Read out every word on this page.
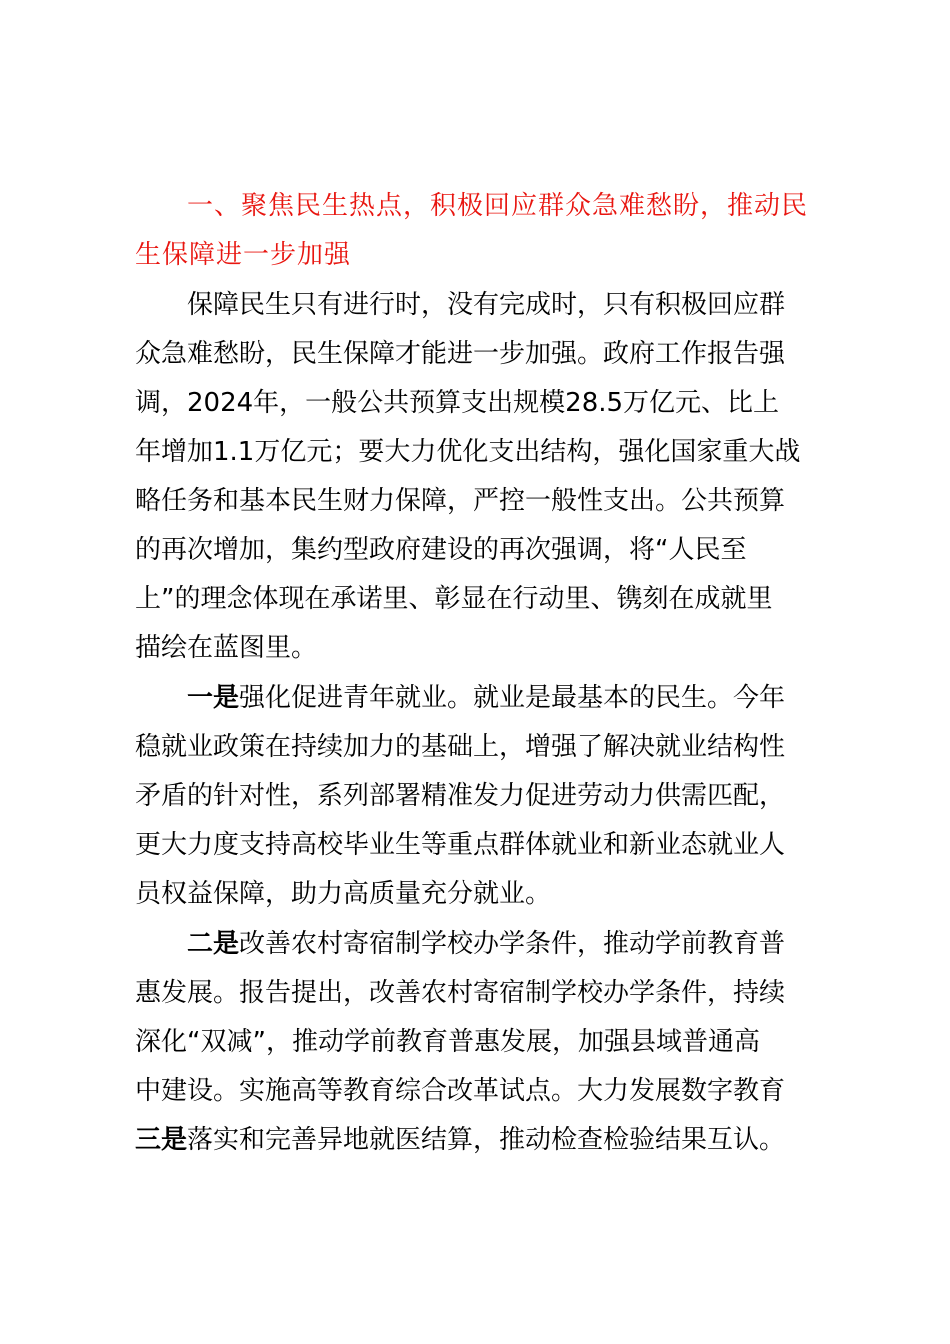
一、聚焦民生热点，积极回应群众急难愁盼，推动民
生保障进一步加强
保障民生只有进行时，没有完成时，只有积极回应群
众急难愁盼，民生保障才能进一步加强。政府工作报告强
调，2024年，一般公共预算支出规模28.5万亿元、比上
年增加1.1万亿元；要大力优化支出结构，强化国家重大战
略任务和基本民生财力保障，严控一般性支出。公共预算
的再次增加，集约型政府建设的再次强调，将“人民至
上”的理念体现在承诺里、彰显在行动里、镌刻在成就里
描绘在蓝图里。
一是强化促进青年就业。就业是最基本的民生。今年
稳就业政策在持续加力的基础上，增强了解决就业结构性
矛盾的针对性，系列部署精准发力促进劳动力供需匹配，
更大力度支持高校毕业生等重点群体就业和新业态就业人
员权益保障，助力高质量充分就业。
二是改善农村寄宿制学校办学条件，推动学前教育普
惠发展。报告提出，改善农村寄宿制学校办学条件，持续
深化“双减”，推动学前教育普惠发展，加强县域普通高
中建设。实施高等教育综合改革试点。大力发展数字教育
三是落实和完善异地就医结算，推动检查检验结果互认。
